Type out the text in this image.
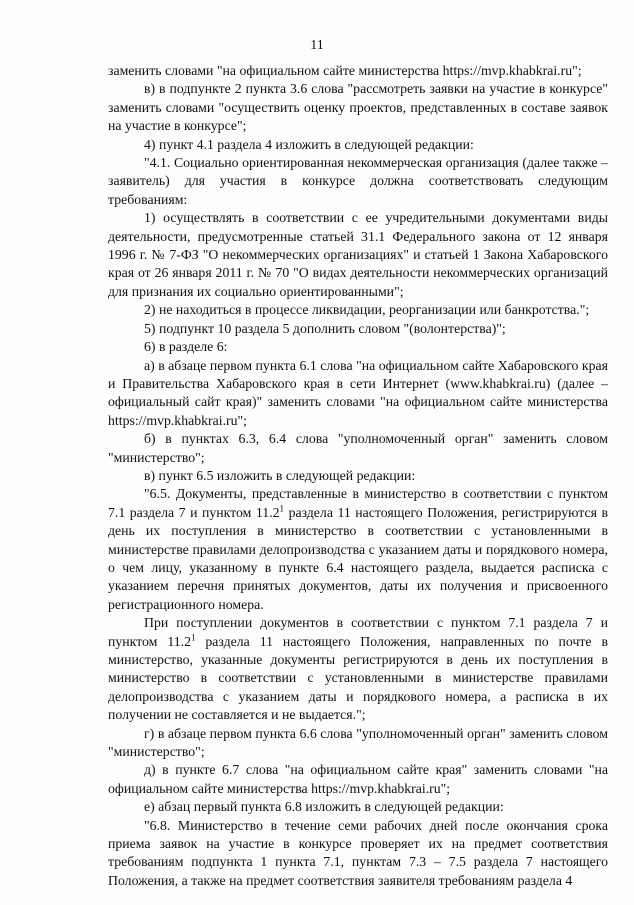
11

заменить словами "на официальном сайте министерства https://mvp.khabkrai.ru";

в) в подпункте 2 пункта 3.6 слова "рассмотреть заявки на участие в конкурсе" заменить словами "осуществить оценку проектов, представленных в составе заявок на участие в конкурсе";

4) пункт 4.1 раздела 4 изложить в следующей редакции:

"4.1. Социально ориентированная некоммерческая организация (далее также – заявитель) для участия в конкурсе должна соответствовать следующим требованиям:

1) осуществлять в соответствии с ее учредительными документами виды деятельности, предусмотренные статьей 31.1 Федерального закона от 12 января 1996 г. № 7-ФЗ "О некоммерческих организациях" и статьей 1 Закона Хабаровского края от 26 января 2011 г. № 70 "О видах деятельности некоммерческих организаций для признания их социально ориентированными";

2) не находиться в процессе ликвидации, реорганизации или банкротства.";

5) подпункт 10 раздела 5 дополнить словом "(волонтерства)";

6) в разделе 6:

а) в абзаце первом пункта 6.1 слова "на официальном сайте Хабаровского края и Правительства Хабаровского края в сети Интернет (www.khabkrai.ru) (далее – официальный сайт края)" заменить словами "на официальном сайте министерства https://mvp.khabkrai.ru";

б) в пунктах 6.3, 6.4 слова "уполномоченный орган" заменить словом "министерство";

в) пункт 6.5 изложить в следующей редакции:

"6.5. Документы, представленные в министерство в соответствии с пунктом 7.1 раздела 7 и пунктом 11.2$^1$ раздела 11 настоящего Положения, регистрируются в день их поступления в министерство в соответствии с установленными в министерстве правилами делопроизводства с указанием даты и порядкового номера, о чем лицу, указанному в пункте 6.4 настоящего раздела, выдается расписка с указанием перечня принятых документов, даты их получения и присвоенного регистрационного номера.

При поступлении документов в соответствии с пунктом 7.1 раздела 7 и пунктом 11.2$^1$ раздела 11 настоящего Положения, направленных по почте в министерство, указанные документы регистрируются в день их поступления в министерство в соответствии с установленными в министерстве правилами делопроизводства с указанием даты и порядкового номера, а расписка в их получении не составляется и не выдается.";

г) в абзаце первом пункта 6.6 слова "уполномоченный орган" заменить словом "министерство";

д) в пункте 6.7 слова "на официальном сайте края" заменить словами "на официальном сайте министерства https://mvp.khabkrai.ru";

е) абзац первый пункта 6.8 изложить в следующей редакции:

"6.8. Министерство в течение семи рабочих дней после окончания срока приема заявок на участие в конкурсе проверяет их на предмет соответствия требованиям подпункта 1 пункта 7.1, пунктам 7.3 – 7.5 раздела 7 настоящего Положения, а также на предмет соответствия заявителя требованиям раздела 4
